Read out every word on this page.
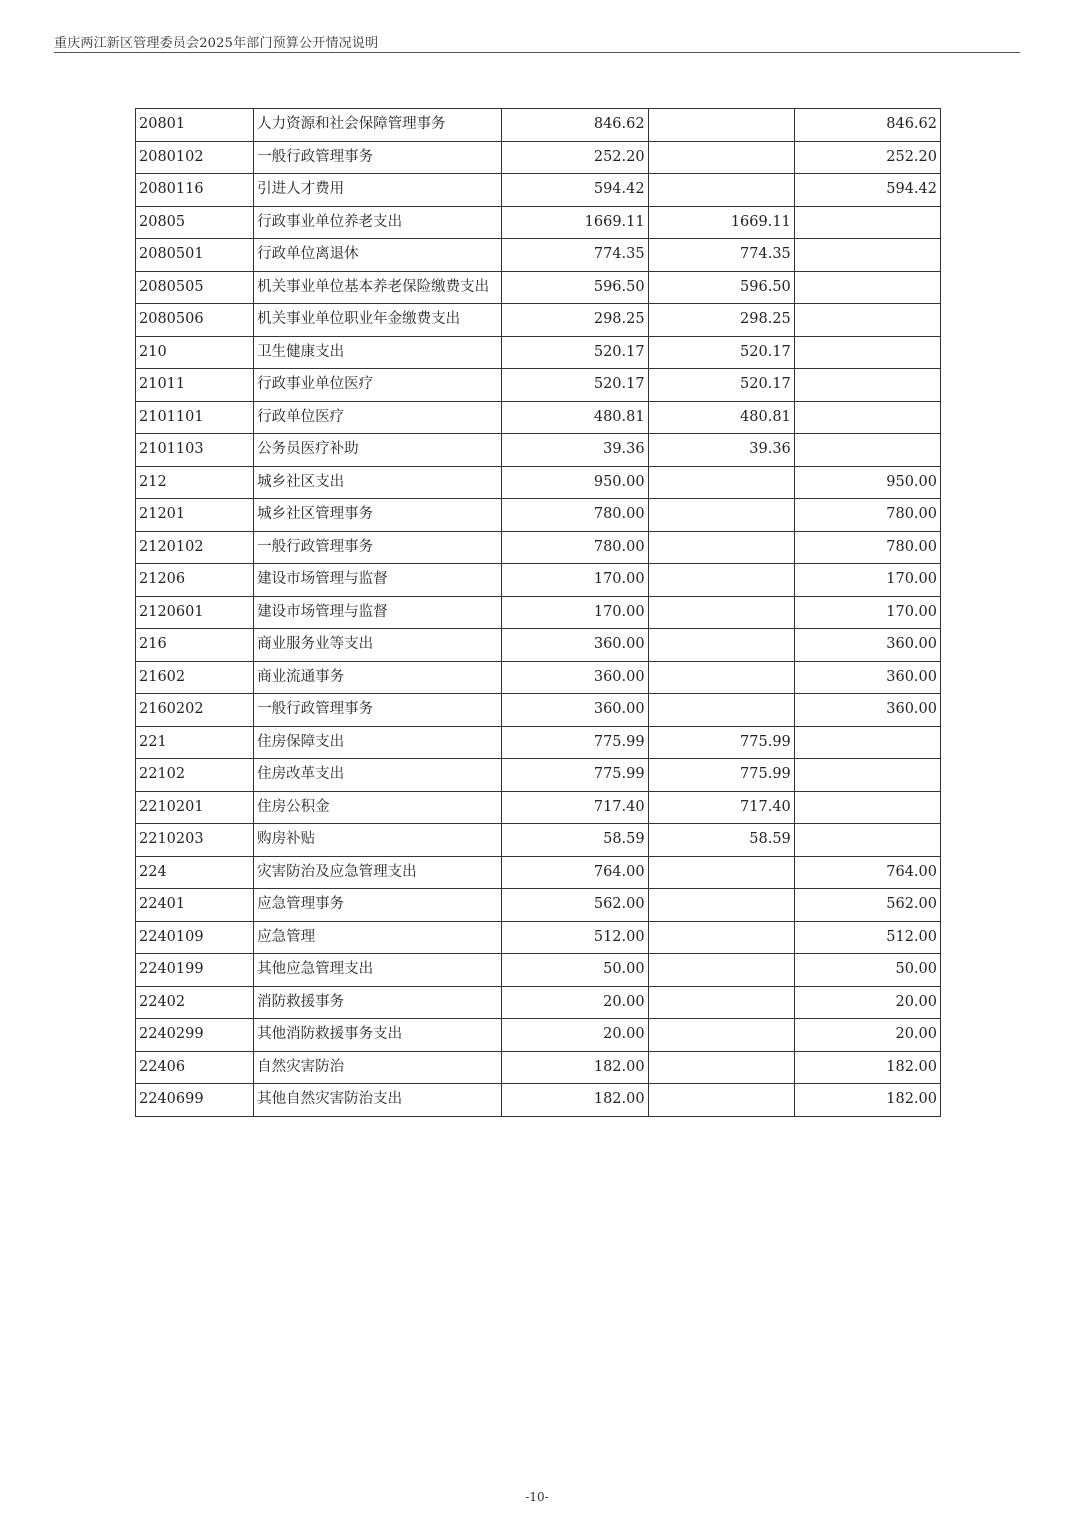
重庆两江新区管理委员会2025年部门预算公开情况说明
20801	人力资源和社会保障管理事务	846.62		846.62
2080102	一般行政管理事务	252.20		252.20
2080116	引进人才费用	594.42		594.42
20805	行政事业单位养老支出	1669.11	1669.11	
2080501	行政单位离退休	774.35	774.35	
2080505	机关事业单位基本养老保险缴费支出	596.50	596.50	
2080506	机关事业单位职业年金缴费支出	298.25	298.25	
210	卫生健康支出	520.17	520.17	
21011	行政事业单位医疗	520.17	520.17	
2101101	行政单位医疗	480.81	480.81	
2101103	公务员医疗补助	39.36	39.36	
212	城乡社区支出	950.00		950.00
21201	城乡社区管理事务	780.00		780.00
2120102	一般行政管理事务	780.00		780.00
21206	建设市场管理与监督	170.00		170.00
2120601	建设市场管理与监督	170.00		170.00
216	商业服务业等支出	360.00		360.00
21602	商业流通事务	360.00		360.00
2160202	一般行政管理事务	360.00		360.00
221	住房保障支出	775.99	775.99	
22102	住房改革支出	775.99	775.99	
2210201	住房公积金	717.40	717.40	
2210203	购房补贴	58.59	58.59	
224	灾害防治及应急管理支出	764.00		764.00
22401	应急管理事务	562.00		562.00
2240109	应急管理	512.00		512.00
2240199	其他应急管理支出	50.00		50.00
22402	消防救援事务	20.00		20.00
2240299	其他消防救援事务支出	20.00		20.00
22406	自然灾害防治	182.00		182.00
2240699	其他自然灾害防治支出	182.00		182.00
-10-
